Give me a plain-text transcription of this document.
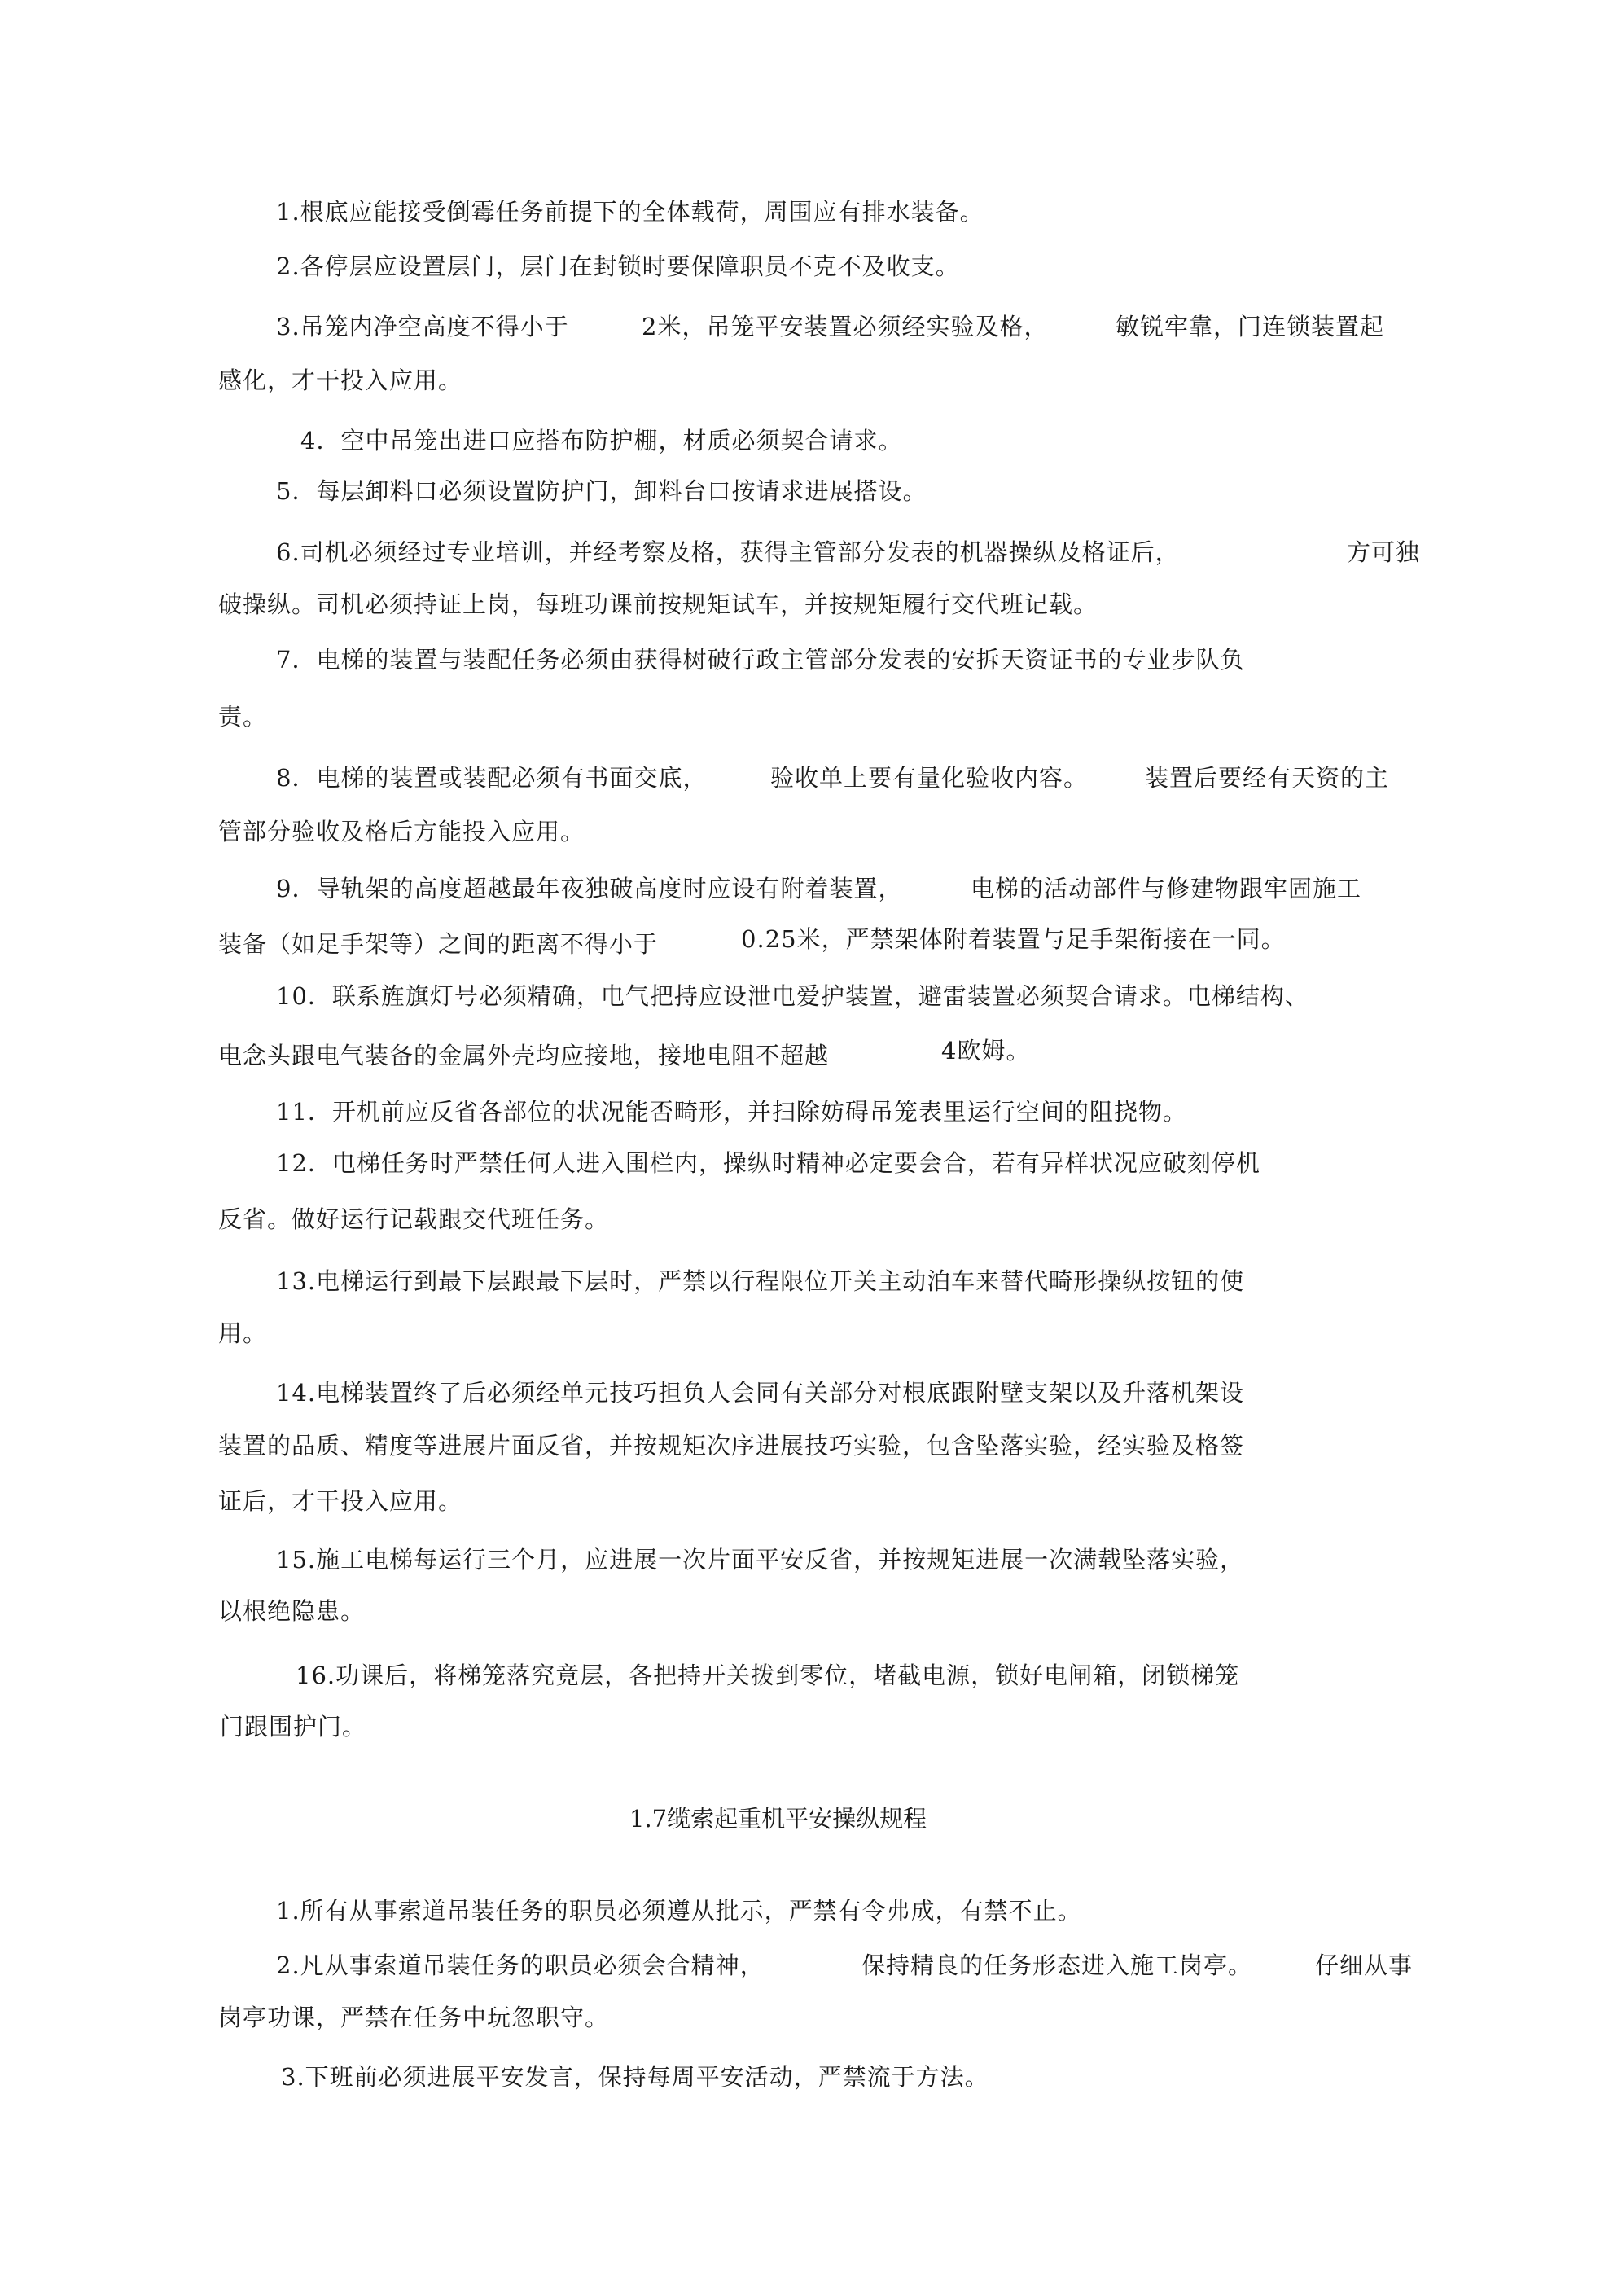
1.根底应能接受倒霉任务前提下的全体载荷，周围应有排水装备。
2.各停层应设置层门，层门在封锁时要保障职员不克不及收支。
3.吊笼内净空高度不得小于	2米，吊笼平安装置必须经实验及格，	敏锐牢靠，门连锁装置起
感化，才干投入应用。
4．空中吊笼出进口应搭布防护棚，材质必须契合请求。
5．每层卸料口必须设置防护门，卸料台口按请求进展搭设。
6.司机必须经过专业培训，并经考察及格，获得主管部分发表的机器操纵及格证后，	方可独
破操纵。司机必须持证上岗，每班功课前按规矩试车，并按规矩履行交代班记载。
7．电梯的装置与装配任务必须由获得树破行政主管部分发表的安拆天资证书的专业步队负
责。
8．电梯的装置或装配必须有书面交底，	验收单上要有量化验收内容。 装置后要经有天资的主
管部分验收及格后方能投入应用。
9．导轨架的高度超越最年夜独破高度时应设有附着装置，	电梯的活动部件与修建物跟牢固施工
装备（如足手架等）之间的距离不得小于	0.25米，严禁架体附着装置与足手架衔接在一同。
10．联系旌旗灯号必须精确，电气把持应设泄电爱护装置，避雷装置必须契合请求。电梯结构、
电念头跟电气装备的金属外壳均应接地，接地电阻不超越	4欧姆。
11．开机前应反省各部位的状况能否畸形，并扫除妨碍吊笼表里运行空间的阻挠物。
12．电梯任务时严禁任何人进入围栏内，操纵时精神必定要会合，若有异样状况应破刻停机
反省。做好运行记载跟交代班任务。
13.电梯运行到最下层跟最下层时，严禁以行程限位开关主动泊车来替代畸形操纵按钮的使
用。
14.电梯装置终了后必须经单元技巧担负人会同有关部分对根底跟附壁支架以及升落机架设
装置的品质、精度等进展片面反省，并按规矩次序进展技巧实验，包含坠落实验，经实验及格签
证后，才干投入应用。
15.施工电梯每运行三个月，应进展一次片面平安反省，并按规矩进展一次满载坠落实验，
以根绝隐患。
16.功课后，将梯笼落究竟层，各把持开关拨到零位，堵截电源，锁好电闸箱，闭锁梯笼
门跟围护门。
1.7缆索起重机平安操纵规程
1.所有从事索道吊装任务的职员必须遵从批示，严禁有令弗成，有禁不止。
2.凡从事索道吊装任务的职员必须会合精神，	保持精良的任务形态进入施工岗亭。	仔细从事
岗亭功课，严禁在任务中玩忽职守。
3.下班前必须进展平安发言，保持每周平安活动，严禁流于方法。
